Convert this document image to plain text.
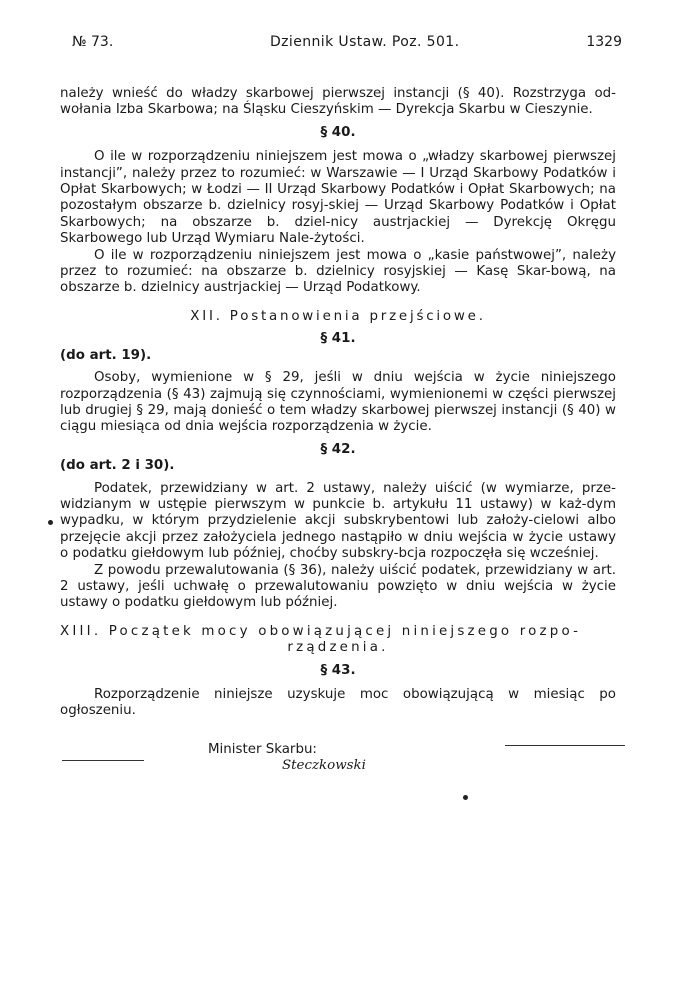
№ 73.	Dziennik Ustaw. Poz. 501.	1329

należy wnieść do władzy skarbowej pierwszej instancji (§ 40). Rozstrzyga od-wołania Izba Skarbowa; na Śląsku Cieszyńskim — Dyrekcja Skarbu w Cieszynie.

§ 40.

O ile w rozporządzeniu niniejszem jest mowa o „władzy skarbowej pierwszej instancji”, należy przez to rozumieć: w Warszawie — I Urząd Skarbowy Podatków i Opłat Skarbowych; w Łodzi — II Urząd Skarbowy Podatków i Opłat Skarbowych; na pozostałym obszarze b. dzielnicy rosyj-skiej — Urząd Skarbowy Podatków i Opłat Skarbowych; na obszarze b. dziel-nicy austrjackiej — Dyrekcję Okręgu Skarbowego lub Urząd Wymiaru Nale-żytości.

O ile w rozporządzeniu niniejszem jest mowa o „kasie państwowej”, należy przez to rozumieć: na obszarze b. dzielnicy rosyjskiej — Kasę Skar-bową, na obszarze b. dzielnicy austrjackiej — Urząd Podatkowy.

XII. Postanowienia przejściowe.
§ 41.
(do art. 19).

Osoby, wymienione w § 29, jeśli w dniu wejścia w życie niniejszego rozporządzenia (§ 43) zajmują się czynnościami, wymienionemi w części pierwszej lub drugiej § 29, mają donieść o tem władzy skarbowej pierwszej instancji (§ 40) w ciągu miesiąca od dnia wejścia rozporządzenia w życie.

§ 42.
(do art. 2 i 30).

Podatek, przewidziany w art. 2 ustawy, należy uiścić (w wymiarze, prze-widzianym w ustępie pierwszym w punkcie b. artykułu 11 ustawy) w każ-dym wypadku, w którym przydzielenie akcji subskrybentowi lub założy-cielowi albo przejęcie akcji przez założyciela jednego nastąpiło w dniu wejścia w życie ustawy o podatku giełdowym lub później, choćby subskry-bcja rozpoczęła się wcześniej.

Z powodu przewalutowania (§ 36), należy uiścić podatek, przewidziany w art. 2 ustawy, jeśli uchwałę o przewalutowaniu powzięto w dniu wejścia w życie ustawy o podatku giełdowym lub później.

XIII. Początek mocy obowiązującej niniejszego rozpo-
rządzenia.
§ 43.

Rozporządzenie niniejsze uzyskuje moc obowiązującą w miesiąc po ogłoszeniu.

Minister Skarbu:
Steczkowski
